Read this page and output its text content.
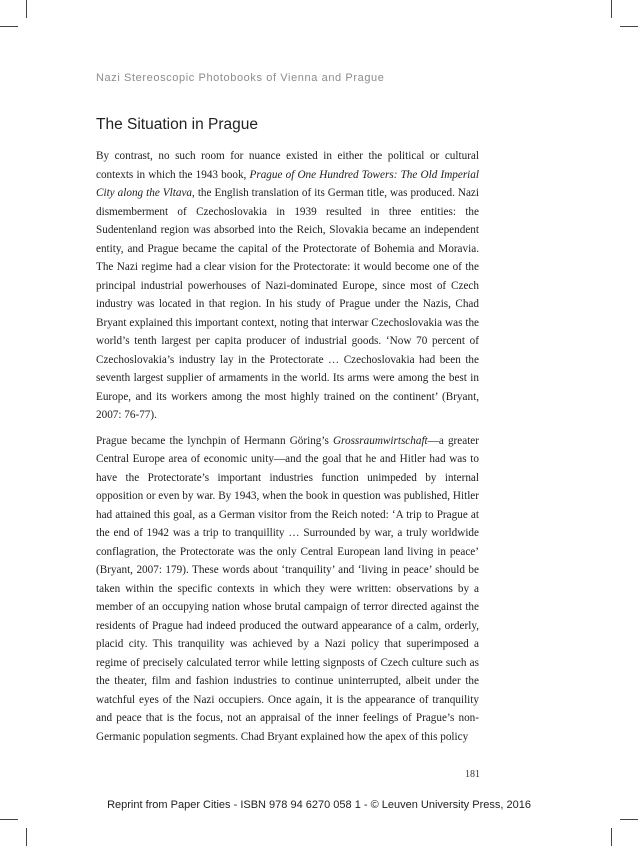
Nazi Stereoscopic Photobooks of Vienna and Prague
The Situation in Prague

By contrast, no such room for nuance existed in either the political or cultural contexts in which the 1943 book, Prague of One Hundred Towers: The Old Imperial City along the Vltava, the English translation of its German title, was produced. Nazi dismemberment of Czechoslovakia in 1939 resulted in three entities: the Sudentenland region was absorbed into the Reich, Slovakia became an independent entity, and Prague became the capital of the Protectorate of Bohemia and Moravia. The Nazi regime had a clear vision for the Protectorate: it would become one of the principal industrial powerhouses of Nazi-dominated Europe, since most of Czech industry was located in that region. In his study of Prague under the Nazis, Chad Bryant explained this important context, noting that interwar Czechoslovakia was the world’s tenth largest per capita producer of industrial goods. ‘Now 70 percent of Czechoslovakia’s industry lay in the Protectorate … Czechoslovakia had been the seventh largest supplier of armaments in the world. Its arms were among the best in Europe, and its workers among the most highly trained on the continent’ (Bryant, 2007: 76-77).

Prague became the lynchpin of Hermann Göring’s Grossraumwirtschaft—a greater Central Europe area of economic unity—and the goal that he and Hitler had was to have the Protectorate’s important industries function unimpeded by internal opposition or even by war. By 1943, when the book in question was published, Hitler had attained this goal, as a German visitor from the Reich noted: ‘A trip to Prague at the end of 1942 was a trip to tranquillity … Surrounded by war, a truly worldwide conflagration, the Protectorate was the only Central European land living in peace’ (Bryant, 2007: 179). These words about ‘tranquility’ and ‘living in peace’ should be taken within the specific contexts in which they were written: observations by a member of an occupying nation whose brutal campaign of terror directed against the residents of Prague had indeed produced the outward appearance of a calm, orderly, placid city. This tranquility was achieved by a Nazi policy that superimposed a regime of precisely calculated terror while letting signposts of Czech culture such as the theater, film and fashion industries to continue uninterrupted, albeit under the watchful eyes of the Nazi occupiers. Once again, it is the appearance of tranquility and peace that is the focus, not an appraisal of the inner feelings of Prague’s non-Germanic population segments. Chad Bryant explained how the apex of this policy

181
Reprint from Paper Cities - ISBN 978 94 6270 058 1 - © Leuven University Press, 2016
